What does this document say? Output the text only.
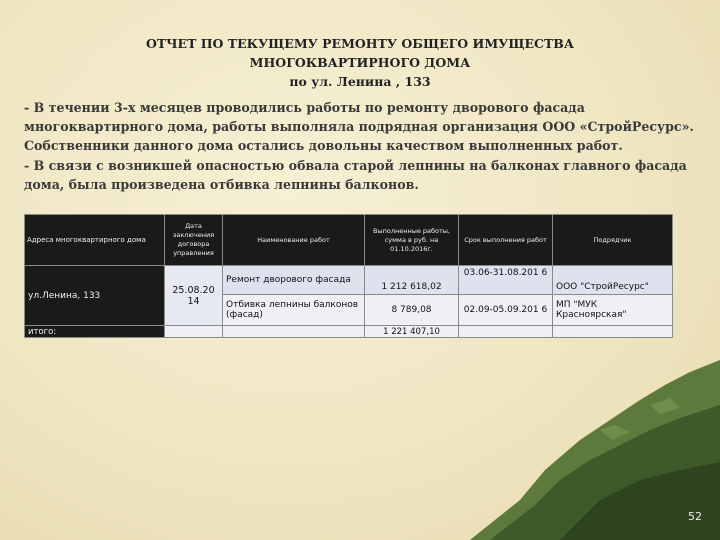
ОТЧЕТ ПО ТЕКУЩЕМУ РЕМОНТУ ОБЩЕГО ИМУЩЕСТВА
МНОГОКВАРТИРНОГО ДОМА
по ул. Ленина , 133

- В течении 3-х месяцев проводились работы по ремонту дворового фасада многоквартирного дома, работы выполняла подрядная организация ООО «СтройРесурс». Собственники данного дома остались довольны качеством выполненных работ.

- В связи с возникшей опасностью обвала старой лепнины на балконах главного фасада дома, была произведена отбивка лепнины балконов.

Адреса многоквартирного дома	Дата заключения договора управления	Наименование работ	Выполненные работы, сумма в руб. на 01.10.2016г.	Срок выполнения работ	Подрядчик
ул.Ленина, 133	25.08.20 14	Ремонт дворового фасада	1 212 618,02	03.06-31.08.201 6	ООО "СтройРесурс"
		Отбивка лепнины балконов (фасад)	8 789,08	02.09-05.09.201 6	МП "МУК Красноярская"
итого:			1 221 407,10		
52
